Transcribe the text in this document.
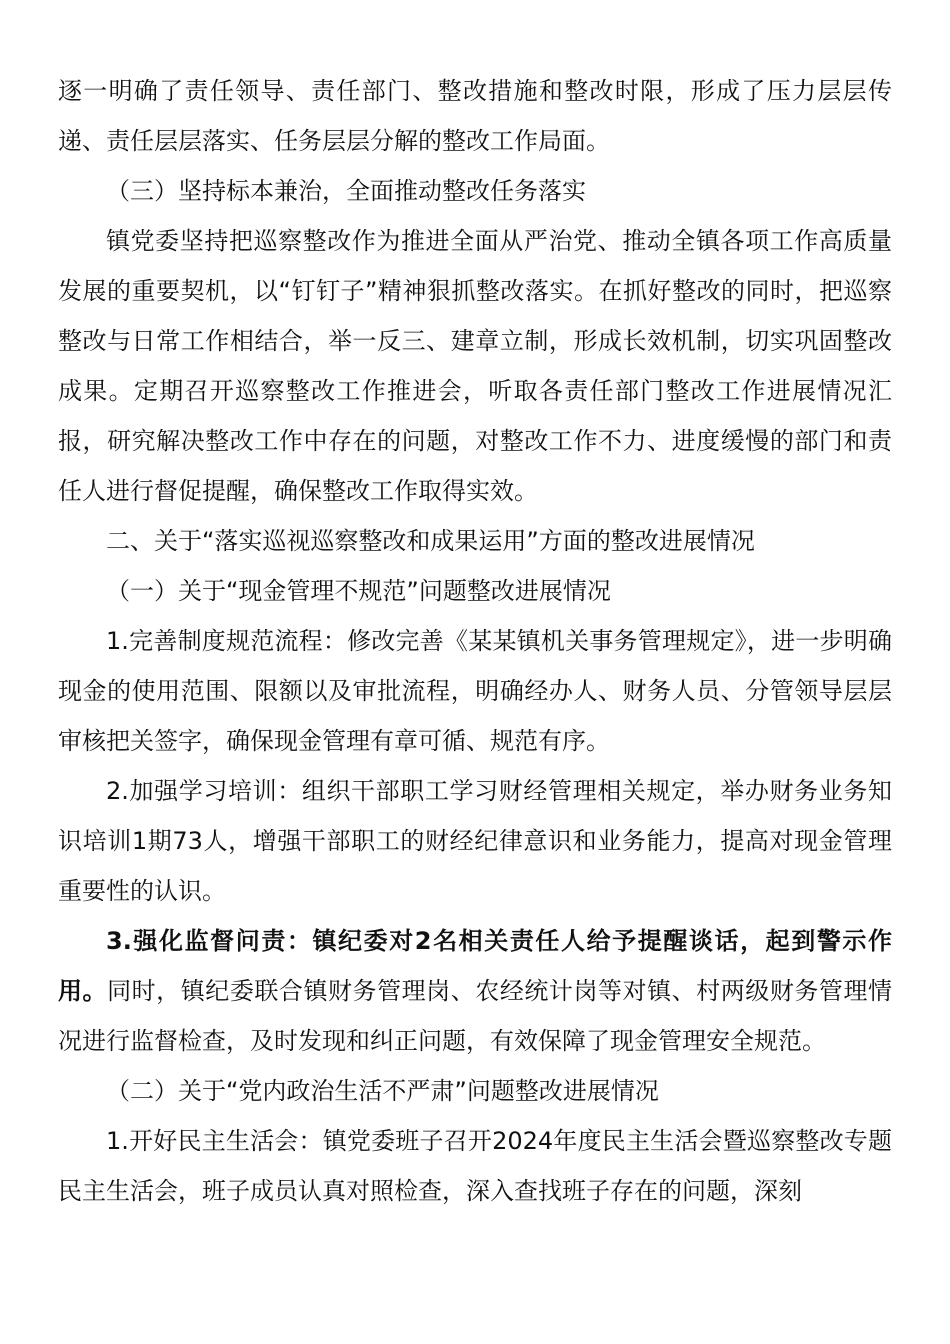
逐一明确了责任领导、责任部门、整改措施和整改时限，形成了压力层层传递、责任层层落实、任务层层分解的整改工作局面。

（三）坚持标本兼治，全面推动整改任务落实

镇党委坚持把巡察整改作为推进全面从严治党、推动全镇各项工作高质量发展的重要契机，以“钉钉子”精神狠抓整改落实。在抓好整改的同时，把巡察整改与日常工作相结合，举一反三、建章立制，形成长效机制，切实巩固整改成果。定期召开巡察整改工作推进会，听取各责任部门整改工作进展情况汇报，研究解决整改工作中存在的问题，对整改工作不力、进度缓慢的部门和责任人进行督促提醒，确保整改工作取得实效。

二、关于“落实巡视巡察整改和成果运用”方面的整改进展情况

（一）关于“现金管理不规范”问题整改进展情况

1.完善制度规范流程：修改完善《某某镇机关事务管理规定》，进一步明确现金的使用范围、限额以及审批流程，明确经办人、财务人员、分管领导层层审核把关签字，确保现金管理有章可循、规范有序。

2.加强学习培训：组织干部职工学习财经管理相关规定，举办财务业务知识培训1期73人，增强干部职工的财经纪律意识和业务能力，提高对现金管理重要性的认识。

3.强化监督问责：镇纪委对2名相关责任人给予提醒谈话，起到警示作用。同时，镇纪委联合镇财务管理岗、农经统计岗等对镇、村两级财务管理情况进行监督检查，及时发现和纠正问题，有效保障了现金管理安全规范。

（二）关于“党内政治生活不严肃”问题整改进展情况

1.开好民主生活会：镇党委班子召开2024年度民主生活会暨巡察整改专题民主生活会，班子成员认真对照检查，深入查找班子存在的问题，深刻
